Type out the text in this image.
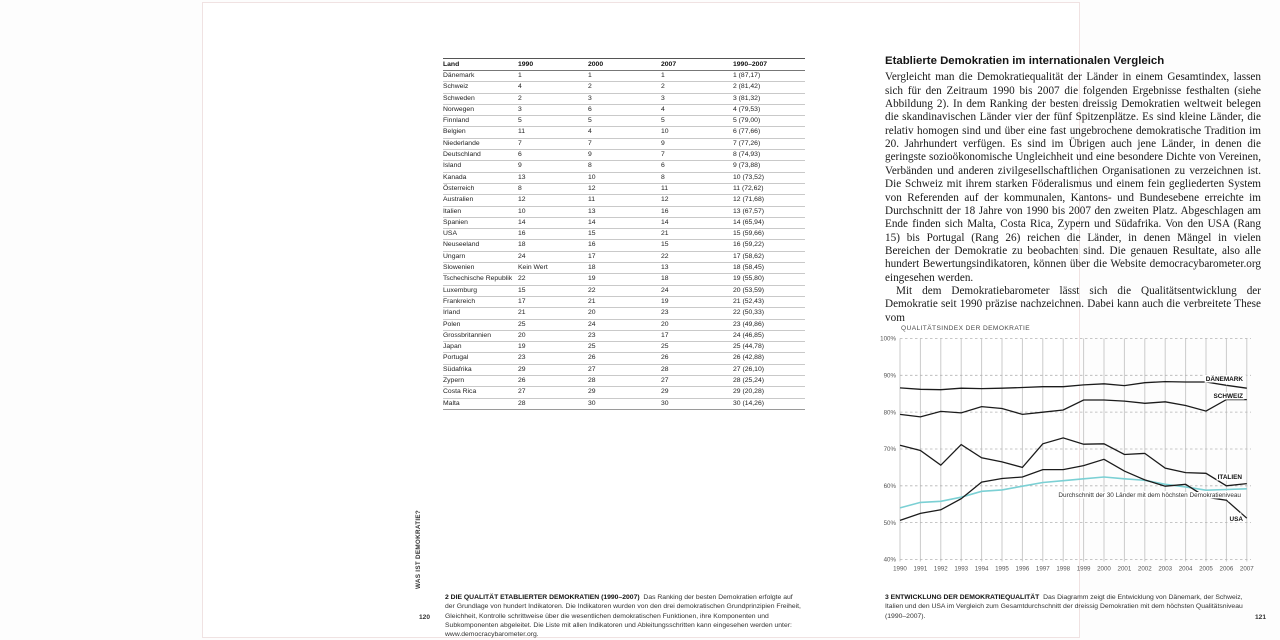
WAS IST DEMOKRATIE?
120
Land	1990	2000	2007	1990–2007
Dänemark	1	1	1	1 (87,17)
Schweiz	4	2	2	2 (81,42)
Schweden	2	3	3	3 (81,32)
Norwegen	3	6	4	4 (79,53)
Finnland	5	5	5	5 (79,00)
Belgien	11	4	10	6 (77,66)
Niederlande	7	7	9	7 (77,26)
Deutschland	6	9	7	8 (74,93)
Island	9	8	6	9 (73,88)
Kanada	13	10	8	10 (73,52)
Österreich	8	12	11	11 (72,62)
Australien	12	11	12	12 (71,68)
Italien	10	13	16	13 (67,57)
Spanien	14	14	14	14 (65,94)
USA	16	15	21	15 (59,66)
Neuseeland	18	16	15	16 (59,22)
Ungarn	24	17	22	17 (58,62)
Slowenien	Kein Wert	18	13	18 (58,45)
Tschechische Republik	22	19	18	19 (55,80)
Luxemburg	15	22	24	20 (53,59)
Frankreich	17	21	19	21 (52,43)
Irland	21	20	23	22 (50,33)
Polen	25	24	20	23 (49,86)
Grossbritannien	20	23	17	24 (46,85)
Japan	19	25	25	25 (44,78)
Portugal	23	26	26	26 (42,88)
Südafrika	29	27	28	27 (26,10)
Zypern	26	28	27	28 (25,24)
Costa Rica	27	29	29	29 (20,28)
Malta	28	30	30	30 (14,26)
2 DIE QUALITÄT ETABLIERTER DEMOKRATIEN (1990–2007) Das Ranking der besten Demokratien erfolgte auf der Grundlage von hundert Indikatoren. Die Indikatoren wurden von den drei demokratischen Grundprinzipien Freiheit, Gleichheit, Kontrolle schrittweise über die wesentlichen demokratischen Funktionen, ihre Komponenten und Subkomponenten abgeleitet. Die Liste mit allen Indikatoren und Ableitungsschritten kann eingesehen werden unter: www.democracybarometer.org.
Etablierte Demokratien im internationalen Vergleich

Vergleicht man die Demokratiequalität der Länder in einem Gesamtindex, lassen sich für den Zeitraum 1990 bis 2007 die folgenden Ergebnisse festhalten (siehe Abbildung 2). In dem Ranking der besten dreissig Demokratien weltweit belegen die skandinavischen Länder vier der fünf Spitzenplätze. Es sind kleine Länder, die relativ homogen sind und über eine fast ungebrochene demokratische Tradition im 20. Jahrhundert verfügen. Es sind im Übrigen auch jene Länder, in denen die geringste sozioökonomische Ungleichheit und eine besondere Dichte von Vereinen, Verbänden und anderen zivilgesellschaftlichen Organisationen zu verzeichnen ist. Die Schweiz mit ihrem starken Föderalismus und einem fein gegliederten System von Referenden auf der kommunalen, Kantons- und Bundesebene erreichte im Durchschnitt der 18 Jahre von 1990 bis 2007 den zweiten Platz. Abgeschlagen am Ende finden sich Malta, Costa Rica, Zypern und Südafrika. Von den USA (Rang 15) bis Portugal (Rang 26) reichen die Länder, in denen Mängel in vielen Bereichen der Demokratie zu beobachten sind. Die genauen Resultate, also alle hundert Bewertungsindikatoren, können über die Website democracybarometer.org eingesehen werden.

Mit dem Demokratiebarometer lässt sich die Qualitätsentwicklung der Demokratie seit 1990 präzise nachzeichnen. Dabei kann auch die verbreitete These vom

40%
50%
60%
70%
80%
90%
100%
1990 1991 1992 1993 1994 1995 1996 1997 1998 1999 2000 2001 2002 2003 2004 2005 2006 2007
QUALITÄTSINDEX DER DEMOKRATIE
DÄNEMARK
SCHWEIZ
ITALIEN
USA
Durchschnitt der 30 Länder mit dem höchsten Demokratieniveau
3 ENTWICKLUNG DER DEMOKRATIEQUALITÄT Das Diagramm zeigt die Entwicklung von Dänemark, der Schweiz, Italien und den USA im Vergleich zum Gesamtdurchschnitt der dreissig Demokratien mit dem höchsten Qualitätsniveau (1990–2007).	121
